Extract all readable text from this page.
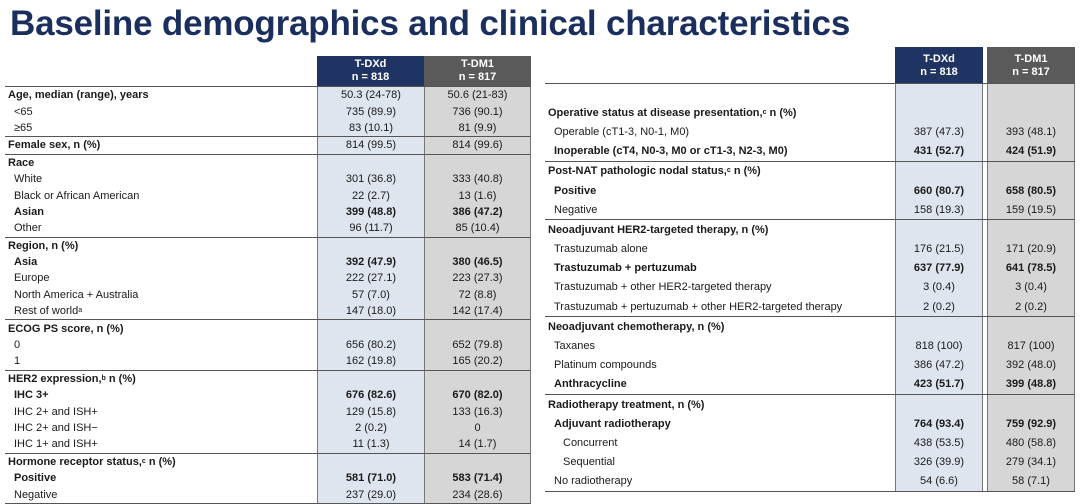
Baseline demographics and clinical characteristics
T-DXd
n = 818
T-DM1
n = 817
Age, median (range), years	50.3 (24-78)	50.6 (21-83)
<65	735 (89.9)	736 (90.1)
≥65	83 (10.1)	81 (9.9)
Female sex, n (%)	814 (99.5)	814 (99.6)
Race
White	301 (36.8)	333 (40.8)
Black or African American	22 (2.7)	13 (1.6)
Asian	399 (48.8)	386 (47.2)
Other	96 (11.7)	85 (10.4)
Region, n (%)
Asia	392 (47.9)	380 (46.5)
Europe	222 (27.1)	223 (27.3)
North America + Australia	57 (7.0)	72 (8.8)
Rest of world a	147 (18.0)	142 (17.4)
ECOG PS score, n (%)
0	656 (80.2)	652 (79.8)
1	162 (19.8)	165 (20.2)
HER2 expression, b n (%)
IHC 3+	676 (82.6)	670 (82.0)
IHC 2+ and ISH+	129 (15.8)	133 (16.3)
IHC 2+ and ISH−	2 (0.2)	0
IHC 1+ and ISH+	11 (1.3)	14 (1.7)
Hormone receptor status, c n (%)
Positive	581 (71.0)	583 (71.4)
Negative	237 (29.0)	234 (28.6)
T-DXd
n = 818
T-DM1
n = 817
Operative status at disease presentation, c n (%)
Operable (cT1-3, N0-1, M0)	387 (47.3)	393 (48.1)
Inoperable (cT4, N0-3, M0 or cT1-3, N2-3, M0)	431 (52.7)	424 (51.9)
Post-NAT pathologic nodal status, c n (%)
Positive	660 (80.7)	658 (80.5)
Negative	158 (19.3)	159 (19.5)
Neoadjuvant HER2-targeted therapy, n (%)
Trastuzumab alone	176 (21.5)	171 (20.9)
Trastuzumab + pertuzumab	637 (77.9)	641 (78.5)
Trastuzumab + other HER2-targeted therapy	3 (0.4)	3 (0.4)
Trastuzumab + pertuzumab + other HER2-targeted therapy	2 (0.2)	2 (0.2)
Neoadjuvant chemotherapy, n (%)
Taxanes	818 (100)	817 (100)
Platinum compounds	386 (47.2)	392 (48.0)
Anthracycline	423 (51.7)	399 (48.8)
Radiotherapy treatment, n (%)
Adjuvant radiotherapy	764 (93.4)	759 (92.9)
Concurrent	438 (53.5)	480 (58.8)
Sequential	326 (39.9)	279 (34.1)
No radiotherapy	54 (6.6)	58 (7.1)
